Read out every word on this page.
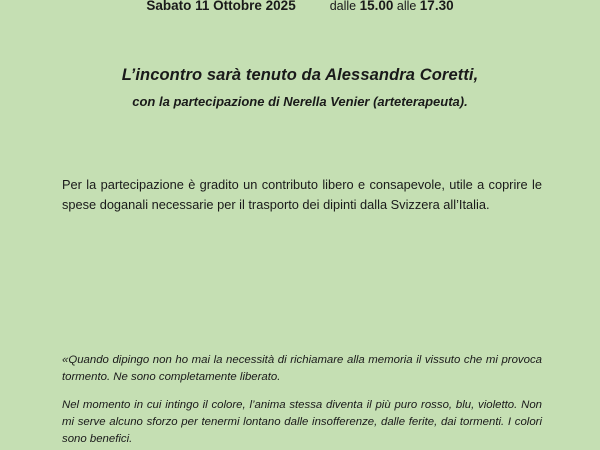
Sabato 11 Ottobre 2025	dalle 15.00 alle 17.30
L’incontro sarà tenuto da Alessandra Coretti,
con la partecipazione di Nerella Venier (arteterapeuta).
Per la partecipazione è gradito un contributo libero e consapevole, utile a coprire le spese doganali necessarie per il trasporto dei dipinti dalla Svizzera all’Italia.

«Quando dipingo non ho mai la necessità di richiamare alla memoria il vissuto che mi provoca tormento. Ne sono completamente liberato.

Nel momento in cui intingo il colore, l’anima stessa diventa il più puro rosso, blu, violetto. Non mi serve alcuno sforzo per tenermi lontano dalle insofferenze, dalle ferite, dai tormenti. I colori sono benefici.
